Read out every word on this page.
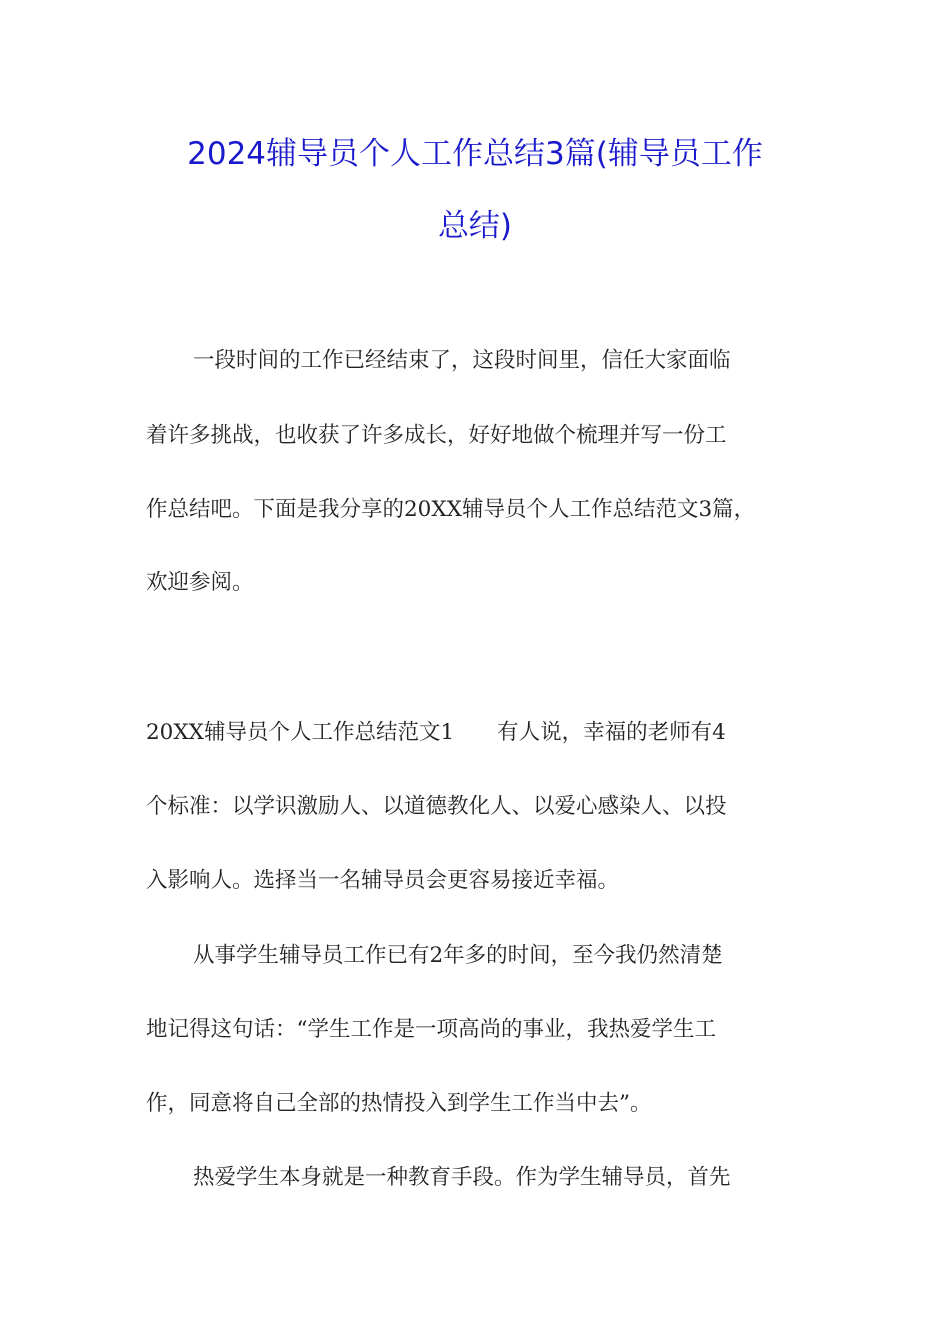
2024辅导员个人工作总结3篇(辅导员工作
总结)
一段时间的工作已经结束了，这段时间里，信任大家面临
着许多挑战，也收获了许多成长，好好地做个梳理并写一份工
作总结吧。下面是我分享的20XX辅导员个人工作总结范文3篇，
欢迎参阅。
20XX辅导员个人工作总结范文1　　有人说，幸福的老师有4
个标准：以学识激励人、以道德教化人、以爱心感染人、以投
入影响人。选择当一名辅导员会更容易接近幸福。
从事学生辅导员工作已有2年多的时间，至今我仍然清楚
地记得这句话：“学生工作是一项高尚的事业，我热爱学生工
作，同意将自己全部的热情投入到学生工作当中去”。
热爱学生本身就是一种教育手段。作为学生辅导员，首先
